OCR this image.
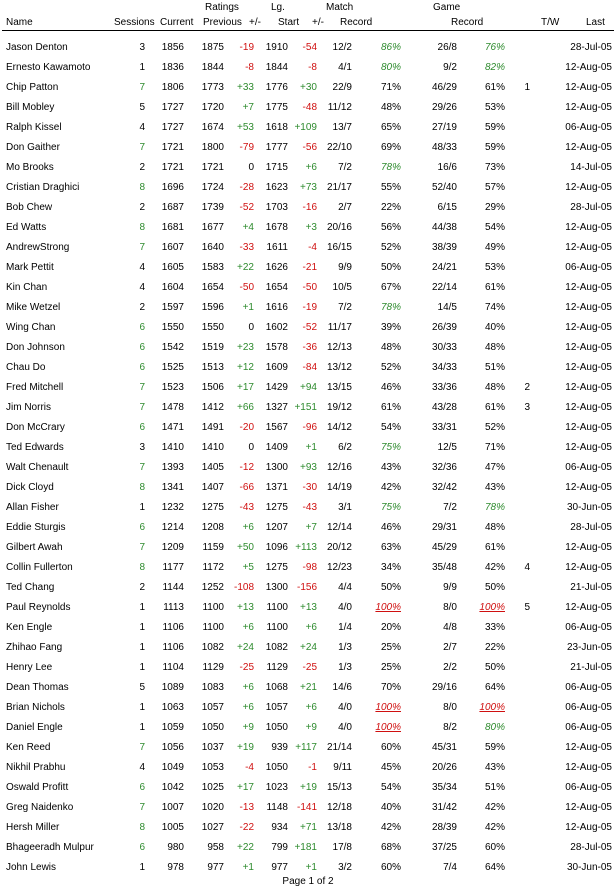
Ratings	Lg.	Match	Game
Name	Sessions Current Previous +/- Start +/- Record	Record	T/W	Last
Jason Denton	3	1856	1875	-19	1910	-54	12/2	86%	26/8	76%	28-Jul-05
Ernesto Kawamoto	1	1836	1844	-8	1844	-8	4/1	80%	9/2	82%	12-Aug-05
Chip Patton	7	1806	1773	+33	1776	+30	22/9	71%	46/29	61%	1	12-Aug-05
Bill Mobley	5	1727	1720	+7	1775	-48	11/12	48%	29/26	53%	12-Aug-05
Ralph Kissel	4	1727	1674	+53	1618 +109	13/7	65%	27/19	59%	06-Aug-05
Don Gaither	7	1721	1800	-79	1777	-56 22/10	69%	48/33	59%	12-Aug-05
Mo Brooks	2	1721	1721	0	1715	+6	7/2	78%	16/6	73%	14-Jul-05
Cristian Draghici	8	1696	1724	-28	1623	+73 21/17	55%	52/40	57%	12-Aug-05
Bob Chew	2	1687	1739	-52	1703	-16	2/7	22%	6/15	29%	28-Jul-05
Ed Watts	8	1681	1677	+4	1678	+3 20/16	56%	44/38	54%	12-Aug-05
AndrewStrong	7	1607	1640	-33	1611	-4 16/15	52%	38/39	49%	12-Aug-05
Mark Pettit	4	1605	1583	+22	1626	-21	9/9	50%	24/21	53%	06-Aug-05
Kin Chan	4	1604	1654	-50	1654	-50	10/5	67%	22/14	61%	12-Aug-05
Mike Wetzel	2	1597	1596	+1	1616	-19	7/2	78%	14/5	74%	12-Aug-05
Wing Chan	6	1550	1550	0	1602	-52	11/17	39%	26/39	40%	12-Aug-05
Don Johnson	6	1542	1519	+23	1578	-36 12/13	48%	30/33	48%	12-Aug-05
Chau Do	6	1525	1513	+12	1609	-84 13/12	52%	34/33	51%	12-Aug-05
Fred Mitchell	7	1523	1506	+17	1429	+94 13/15	46%	33/36	48%	2	12-Aug-05
Jim Norris	7	1478	1412	+66	1327 +151 19/12	61%	43/28	61%	3	12-Aug-05
Don McCrary	6	1471	1491	-20	1567	-96 14/12	54%	33/31	52%	12-Aug-05
Ted Edwards	3	1410	1410	0	1409	+1	6/2	75%	12/5	71%	12-Aug-05
Walt Chenault	7	1393	1405	-12	1300	+93 12/16	43%	32/36	47%	06-Aug-05
Dick Cloyd	8	1341	1407	-66	1371	-30 14/19	42%	32/42	43%	12-Aug-05
Allan Fisher	1	1232	1275	-43	1275	-43	3/1	75%	7/2	78%	30-Jun-05
Eddie Sturgis	6	1214	1208	+6	1207	+7 12/14	46%	29/31	48%	28-Jul-05
Gilbert Awah	7	1209	1159	+50	1096 +113 20/12	63%	45/29	61%	12-Aug-05
Collin Fullerton	8	1177	1172	+5	1275	-98 12/23	34%	35/48	42%	4	12-Aug-05
Ted Chang	2	1144	1252 -108	1300 -156	4/4	50%	9/9	50%	21-Jul-05
Paul Reynolds	1	1113	1100	+13	1100	+13	4/0	100%	8/0	100%	5	12-Aug-05
Ken Engle	1	1106	1100	+6	1100	+6	1/4	20%	4/8	33%	06-Aug-05
Zhihao Fang	1	1106	1082	+24	1082	+24	1/3	25%	2/7	22%	23-Jun-05
Henry Lee	1	1104	1129	-25	1129	-25	1/3	25%	2/2	50%	21-Jul-05
Dean Thomas	5	1089	1083	+6	1068	+21	14/6	70%	29/16	64%	06-Aug-05
Brian Nichols	1	1063	1057	+6	1057	+6	4/0	100%	8/0	100%	06-Aug-05
Daniel Engle	1	1059	1050	+9	1050	+9	4/0	100%	8/2	80%	06-Aug-05
Ken Reed	7	1056	1037	+19	939 +117 21/14	60%	45/31	59%	12-Aug-05
Nikhil Prabhu	4	1049	1053	-4	1050	-1	9/11	45%	20/26	43%	12-Aug-05
Oswald Profitt	6	1042	1025	+17	1023	+19 15/13	54%	35/34	51%	06-Aug-05
Greg Naidenko	7	1007	1020	-13	1148 -141 12/18	40%	31/42	42%	12-Aug-05
Hersh Miller	8	1005	1027	-22	934	+71 13/18	42%	28/39	42%	12-Aug-05
Bhageeradh Mulpur	6	980	958	+22	799 +181	17/8	68%	37/25	60%	28-Jul-05
John Lewis	1	978	977	+1	977	+1	3/2	60%	7/4	64%	30-Jun-05
Page 1 of 2
